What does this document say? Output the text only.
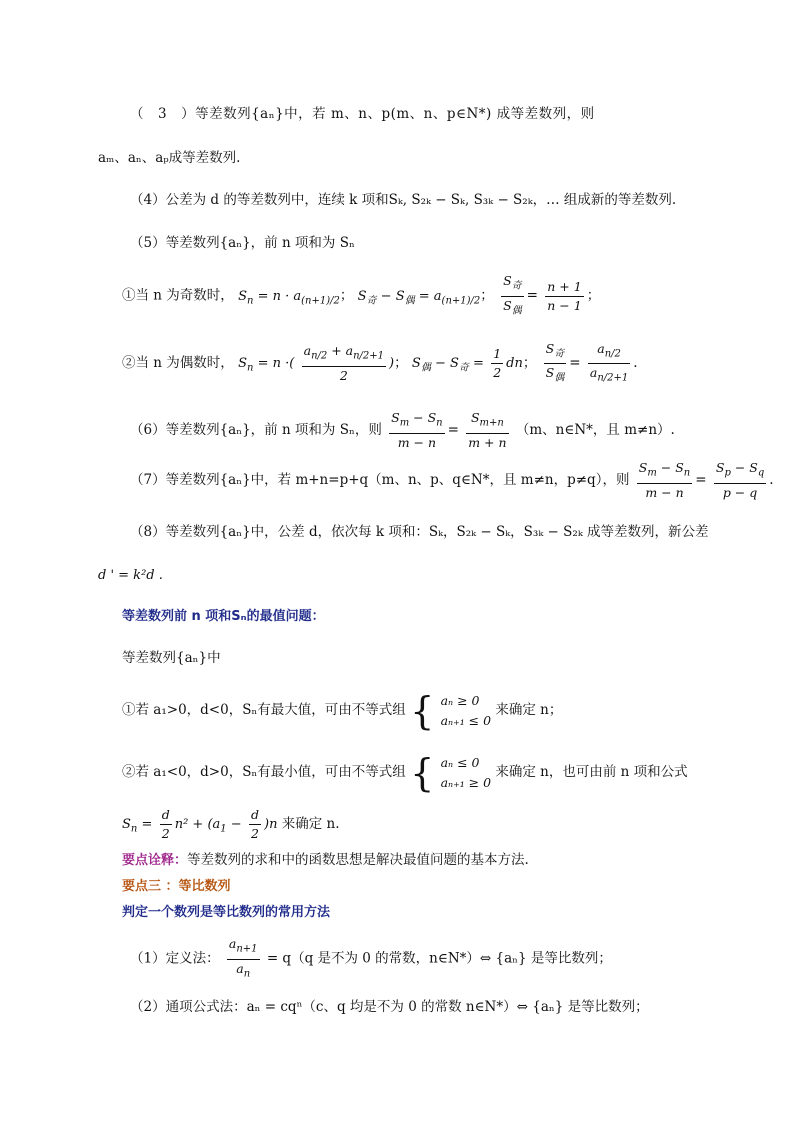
（　3　）等差数列{aₙ}中，若 m、n、p(m、n、p∈N*) 成等差数列，则
aₘ、aₙ、aₚ成等差数列.
（4）公差为 d 的等差数列中，连续 k 项和Sₖ, S₂ₖ − Sₖ, S₃ₖ − S₂ₖ，… 组成新的等差数列.
（5）等差数列{aₙ}，前 n 项和为 Sₙ
①当 n 为奇数时， $S_n = n \cdot a_{(n+1)/2}$； $S_奇 - S_偶 = a_{(n+1)/2}$； $\frac{S_奇}{S_偶} = \frac{n + 1}{n - 1}$ ；
②当 n 为偶数时， $S_n = n$ ·( $\frac{a_{n/2} + a_{n/2+1}}{2}$ )； $S_偶 - S_奇 = \frac{1}{2}$ dn； $\frac{S_奇}{S_偶} = \frac{a_{n/2}}{a_{n/2+1}}$ .
（6）等差数列{aₙ}，前 n 项和为 Sₙ，则 $\frac{S_m - S_n}{m - n} = \frac{S_{m+n}}{m + n} (m$、n∈N*，且 m≠n）.
（7）等差数列{aₙ}中，若 m+n=p+q（m、n、p、q∈N*，且 m≠n，p≠q），则 $\frac{S_m - S_n}{m - n} = \frac{S_p - S_q}{p - q}$ .
（8）等差数列{aₙ}中，公差 d，依次每 k 项和：Sₖ，S₂ₖ − Sₖ，S₃ₖ − S₂ₖ 成等差数列，新公差
d ' = k²d .
等差数列前 n 项和Sₙ的最值问题：
等差数列{aₙ}中
①若 a₁>0，d<0，Sₙ有最大值，可由不等式组 { aₙ ≥ 0
aₙ₊₁ ≤ 0
来确定 n；
②若 a₁<0，d>0，Sₙ有最小值，可由不等式组 { aₙ ≤ 0
aₙ₊₁ ≥ 0
来确定 n，也可由前 n 项和公式
$S_n = \frac{d}{2} n^2 + (a_1 - \frac{d}{2} )n$ 来确定 n.
要点诠释：等差数列的求和中的函数思想是解决最值问题的基本方法.
要点三 ：等比数列
判定一个数列是等比数列的常用方法
（1）定义法： $\frac{a_{n+1}}{a_n} = q(q$ 是不为 0 的常数，n∈N*）⇔ {aₙ} 是等比数列；
（2）通项公式法：aₙ = cqⁿ（c、q 均是不为 0 的常数 n∈N*）⇔ {aₙ} 是等比数列；
